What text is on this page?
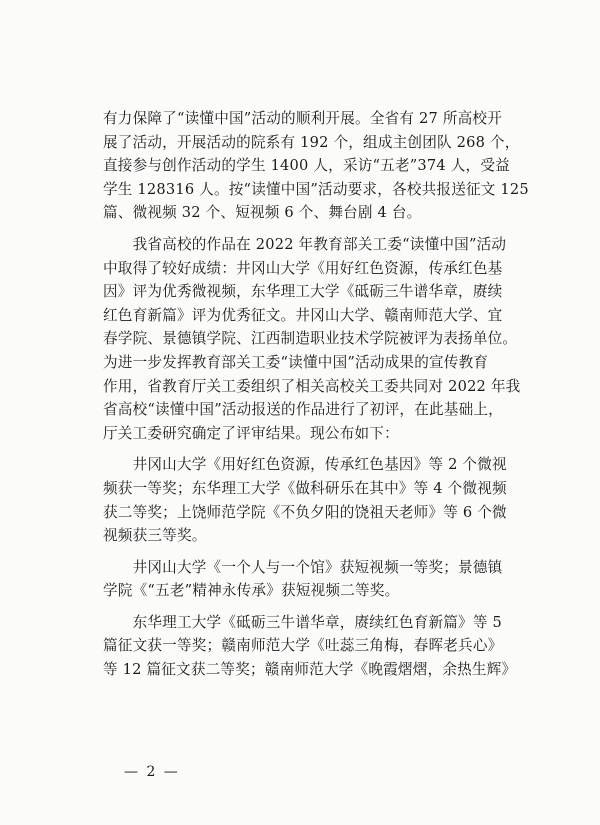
有力保障了“读懂中国”活动的顺利开展。全省有 27 所高校开
展了活动，开展活动的院系有 192 个，组成主创团队 268 个，
直接参与创作活动的学生 1400 人，采访“五老”374 人，受益
学生 128316 人。按“读懂中国”活动要求，各校共报送征文 125
篇、微视频 32 个、短视频 6 个、舞台剧 4 台。

　　我省高校的作品在 2022 年教育部关工委“读懂中国”活动
中取得了较好成绩：井冈山大学《用好红色资源，传承红色基
因》评为优秀微视频，东华理工大学《砥砺三牛谱华章，赓续
红色育新篇》评为优秀征文。井冈山大学、赣南师范大学、宜
春学院、景德镇学院、江西制造职业技术学院被评为表扬单位。
为进一步发挥教育部关工委“读懂中国”活动成果的宣传教育
作用，省教育厅关工委组织了相关高校关工委共同对 2022 年我
省高校“读懂中国”活动报送的作品进行了初评，在此基础上，
厅关工委研究确定了评审结果。现公布如下：

　　井冈山大学《用好红色资源，传承红色基因》等 2 个微视
频获一等奖；东华理工大学《做科研乐在其中》等 4 个微视频
获二等奖；上饶师范学院《不负夕阳的饶祖天老师》等 6 个微
视频获三等奖。

　　井冈山大学《一个人与一个馆》获短视频一等奖；景德镇
学院《“五老”精神永传承》获短视频二等奖。

　　东华理工大学《砥砺三牛谱华章，赓续红色育新篇》等 5
篇征文获一等奖；赣南师范大学《吐蕊三角梅，春晖老兵心》
等 12 篇征文获二等奖；赣南师范大学《晚霞熠熠，余热生辉》

— 2 —
